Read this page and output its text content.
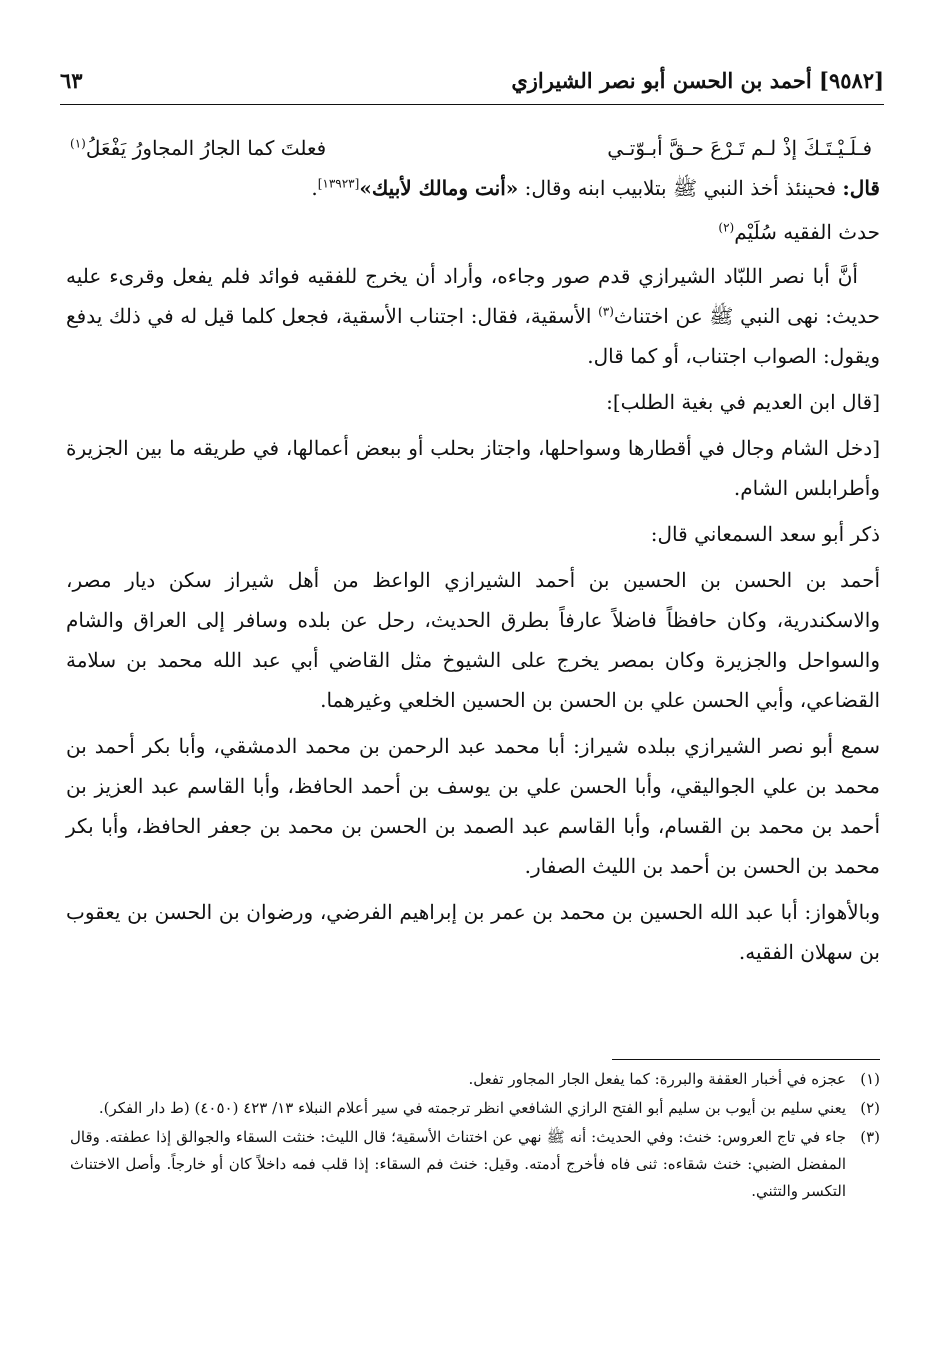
[٩٥٨٢] أحمد بن الحسن أبو نصر الشيرازي
٦٣
فـلَـيْـتَـكَ إذْ لـم تَـرْعَ حـقَّ أبـوّتـي
فعلتَ كما الجارُ المجاورُ يَفْعَلُ$^{(١)}$

قال: فحينئذ أخذ النبي ﷺ بتلابيب ابنه وقال: «أنت ومالك لأبيك»[١٣٩٢٣].

حدث الفقيه سُلَيْم$^{(٢)}$

أنَّ أبا نصر اللبّاد الشيرازي قدم صور وجاءه، وأراد أن يخرج للفقيه فوائد فلم يفعل وقرىء عليه حديث: نهى النبي ﷺ عن اختناث$^{(٣)}$ الأسقية، فقال: اجتناب الأسقية، فجعل كلما قيل له في ذلك يدفع ويقول: الصواب اجتناب، أو كما قال.

[قال ابن العديم في بغية الطلب]:

[دخل الشام وجال في أقطارها وسواحلها، واجتاز بحلب أو ببعض أعمالها، في طريقه ما بين الجزيرة وأطرابلس الشام.

ذكر أبو سعد السمعاني قال:

أحمد بن الحسن بن الحسين بن أحمد الشيرازي الواعظ من أهل شيراز سكن ديار مصر، والاسكندرية، وكان حافظاً فاضلاً عارفاً بطرق الحديث، رحل عن بلده وسافر إلى العراق والشام والسواحل والجزيرة وكان بمصر يخرج على الشيوخ مثل القاضي أبي عبد الله محمد بن سلامة القضاعي، وأبي الحسن علي بن الحسن بن الحسين الخلعي وغيرهما.

سمع أبو نصر الشيرازي ببلده شيراز: أبا محمد عبد الرحمن بن محمد الدمشقي، وأبا بكر أحمد بن محمد بن علي الجواليقي، وأبا الحسن علي بن يوسف بن أحمد الحافظ، وأبا القاسم عبد العزيز بن أحمد بن محمد بن القسام، وأبا القاسم عبد الصمد بن الحسن بن محمد بن جعفر الحافظ، وأبا بكر محمد بن الحسن بن أحمد بن الليث الصفار.

وبالأهواز: أبا عبد الله الحسين بن محمد بن عمر بن إبراهيم الفرضي، ورضوان بن الحسن بن يعقوب بن سهلان الفقيه.

(١)
عجزه في أخبار العقفة والبررة: كما يفعل الجار المجاور تفعل.
(٢)
يعني سليم بن أيوب بن سليم أبو الفتح الرازي الشافعي انظر ترجمته في سير أعلام النبلاء ١٣/ ٤٢٣ (٤٠٥٠) (ط دار الفكر).
(٣)
جاء في تاج العروس: خنث: وفي الحديث: أنه ﷺ نهي عن اختناث الأسقية؛ قال الليث: خنثت السقاء والجوالق إذا عطفته. وقال المفضل الضبي: خنث شقاءه: ثنى فاه فأخرج أدمته. وقيل: خنث فم السقاء: إذا قلب فمه داخلاً كان أو خارجاً. وأصل الاختناث التكسر والتثني.
